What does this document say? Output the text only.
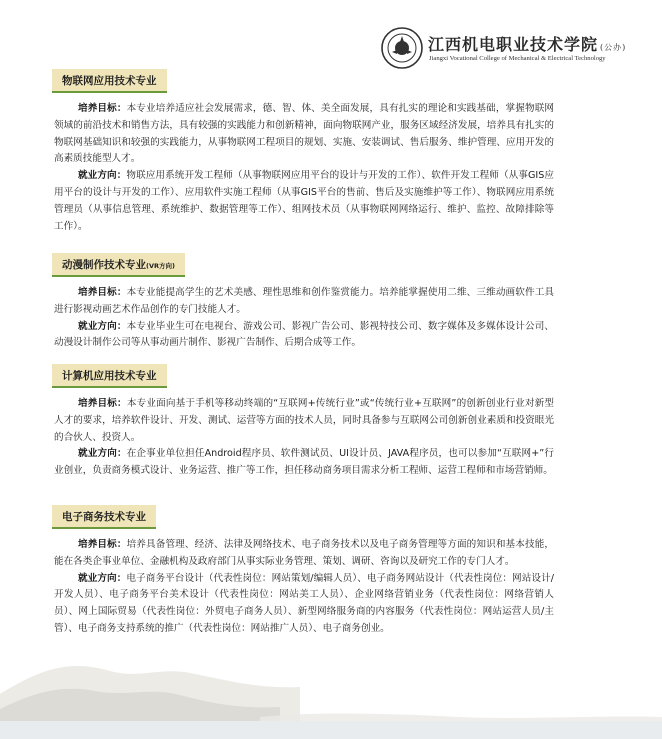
江西机电职业技术学院 (公办)
Jiangxi Vocational College of Mechanical & Electrical Technology
物联网应用技术专业

培养目标：本专业培养适应社会发展需求，德、智、体、美全面发展，具有扎实的理论和实践基础，掌握物联网领域的前沿技术和销售方法，具有较强的实践能力和创新精神，面向物联网产业，服务区域经济发展，培养具有扎实的物联网基础知识和较强的实践能力，从事物联网工程项目的规划、实施、安装调试、售后服务、维护管理、应用开发的高素质技能型人才。

就业方向：物联应用系统开发工程师（从事物联网应用平台的设计与开发的工作）、软件开发工程师（从事GIS应用平台的设计与开发的工作）、应用软件实施工程师（从事GIS平台的售前、售后及实施维护等工作）、物联网应用系统管理员（从事信息管理、系统维护、数据管理等工作）、组网技术员（从事物联网网络运行、维护、监控、故障排除等工作）。

动漫制作技术专业(VR方向)

培养目标：本专业能提高学生的艺术美感、理性思维和创作鉴赏能力。培养能掌握使用二维、三维动画软件工具进行影视动画艺术作品创作的专门技能人才。

就业方向：本专业毕业生可在电视台、游戏公司、影视广告公司、影视特技公司、数字媒体及多媒体设计公司、动漫设计制作公司等从事动画片制作、影视广告制作、后期合成等工作。

计算机应用技术专业

培养目标：本专业面向基于手机等移动终端的“互联网+传统行业”或“传统行业+互联网”的创新创业行业对新型人才的要求，培养软件设计、开发、测试、运营等方面的技术人员，同时具备参与互联网公司创新创业素质和投资眼光的合伙人、投资人。

就业方向：在企事业单位担任Android程序员、软件测试员、UI设计员、JAVA程序员，也可以参加“互联网+”行业创业，负责商务模式设计、业务运营、推广等工作，担任移动商务项目需求分析工程师、运营工程师和市场营销师。

电子商务技术专业

培养目标：培养具备管理、经济、法律及网络技术、电子商务技术以及电子商务管理等方面的知识和基本技能，能在各类企事业单位、金融机构及政府部门从事实际业务管理、策划、调研、咨询以及研究工作的专门人才。

就业方向：电子商务平台设计（代表性岗位：网站策划/编辑人员）、电子商务网站设计（代表性岗位：网站设计/开发人员）、电子商务平台美术设计（代表性岗位：网站美工人员）、企业网络营销业务（代表性岗位：网络营销人员）、网上国际贸易（代表性岗位：外贸电子商务人员）、新型网络服务商的内容服务（代表性岗位：网站运营人员/主管）、电子商务支持系统的推广（代表性岗位：网站推广人员）、电子商务创业。
